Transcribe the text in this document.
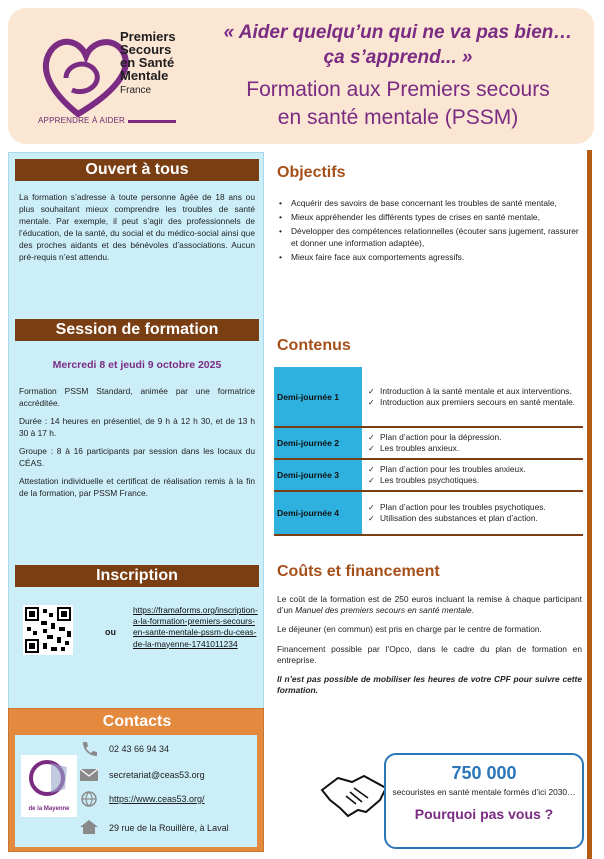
Premiers
Secours
en Santé
Mentale
France
APPRENDRE À AIDER
« Aider quelqu’un qui ne va pas bien…
ça s’apprend... »
Formation aux Premiers secours
en santé mentale (PSSM)
Ouvert à tous

La formation s’adresse à toute personne âgée de 18 ans ou plus souhaitant mieux comprendre les troubles de santé mentale. Par exemple, il peut s’agir des professionnels de l’éducation, de la santé, du social et du médico-social ainsi que des proches aidants et des bénévoles d’associations. Aucun pré-requis n’est attendu.

Session de formation
Mercredi 8 et jeudi 9 octobre 2025

Formation PSSM Standard, animée par une formatrice accréditée.

Durée : 14 heures en présentiel, de 9 h à 12 h 30, et de 13 h 30 à 17 h.

Groupe : 8 à 16 participants par session dans les locaux du CÉAS.

Attestation individuelle et certificat de réalisation remis à la fin de la formation, par PSSM France.

Inscription
ou
https://framaforms.org/inscription-a-la-formation-premiers-secours-en-sante-mentale-pssm-du-ceas-de-la-mayenne-1741011234
Contacts
de la Mayenne
02 43 66 94 34
secretariat@ceas53.org
https://www.ceas53.org/
29 rue de la Rouillère, à Laval
Objectifs
• Acquérir des savoirs de base concernant les troubles de santé mentale,
• Mieux appréhender les différents types de crises en santé mentale,
• Développer des compétences relationnelles (écouter sans jugement, rassurer et donner une information adaptée),
• Mieux faire face aux comportements agressifs.
Contenus
Demi-journée 1	✓ Introduction à la santé mentale et aux interventions.
✓ Introduction aux premiers secours en santé mentale.

Demi-journée 2	✓ Plan d’action pour la dépression.
✓ Les troubles anxieux.

Demi-journée 3	✓ Plan d’action pour les troubles anxieux.
✓ Les troubles psychotiques.

Demi-journée 4	✓ Plan d’action pour les troubles psychotiques.
✓ Utilisation des substances et plan d’action.
Coûts et financement

Le coût de la formation est de 250 euros incluant la remise à chaque participant d’un Manuel des premiers secours en santé mentale.

Le déjeuner (en commun) est pris en charge par le centre de formation.

Financement possible par l’Opco, dans le cadre du plan de formation en entreprise.

Il n’est pas possible de mobiliser les heures de votre CPF pour suivre cette formation.

750 000
secouristes en santé mentale formés d’ici 2030…
Pourquoi pas vous ?
